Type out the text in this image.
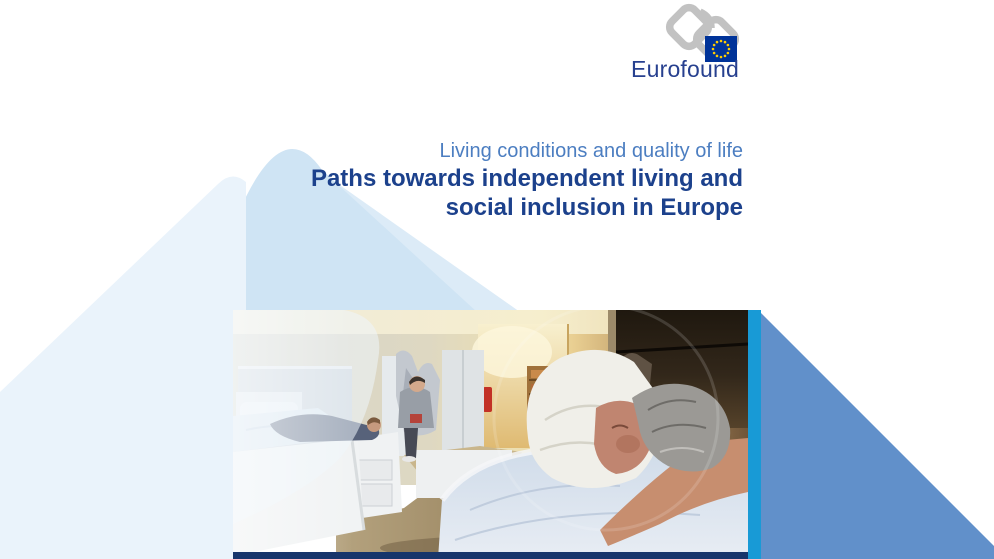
Eurofound
Living conditions and quality of life
Paths towards independent living and
social inclusion in Europe
